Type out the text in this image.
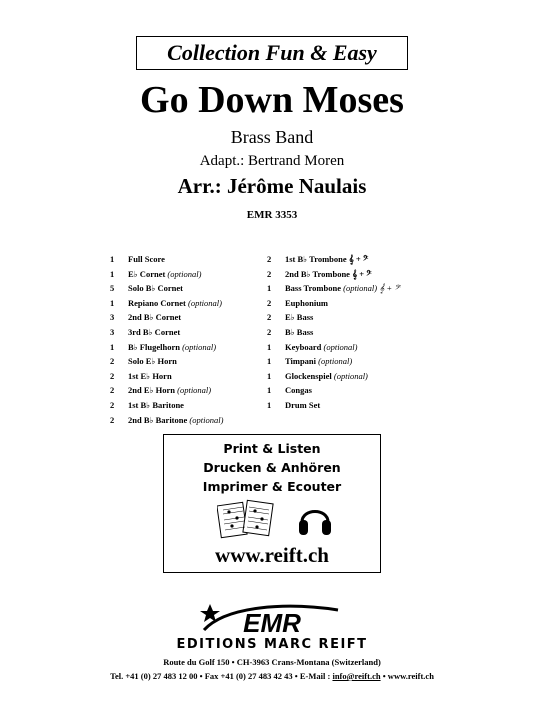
Collection Fun & Easy
Go Down Moses
Brass Band
Adapt.: Bertrand Moren
Arr.: Jérôme Naulais
EMR 3353
1 Full Score
1 E♭ Cornet (optional)
5 Solo B♭ Cornet
1 Repiano Cornet (optional)
3 2nd B♭ Cornet
3 3rd B♭ Cornet
1 B♭ Flugelhorn (optional)
2 Solo E♭ Horn
2 1st E♭ Horn
2 2nd E♭ Horn (optional)
2 1st B♭ Baritone
2 2nd B♭ Baritone (optional)
2 1st B♭ Trombone 𝄞 + 𝄢
2 2nd B♭ Trombone 𝄞 + 𝄢
1 Bass Trombone (optional) 𝄞 + 𝄢
2 Euphonium
2 E♭ Bass
2 B♭ Bass
1 Keyboard (optional)
1 Timpani (optional)
1 Glockenspiel (optional)
1 Congas
1 Drum Set
Print & Listen
Drucken & Anhören
Imprimer & Ecouter
www.reift.ch
EMR
EDITIONS MARC REIFT
Route du Golf 150 • CH-3963 Crans-Montana (Switzerland)
Tel. +41 (0) 27 483 12 00 • Fax +41 (0) 27 483 42 43 • E-Mail : info@reift.ch • www.reift.ch
